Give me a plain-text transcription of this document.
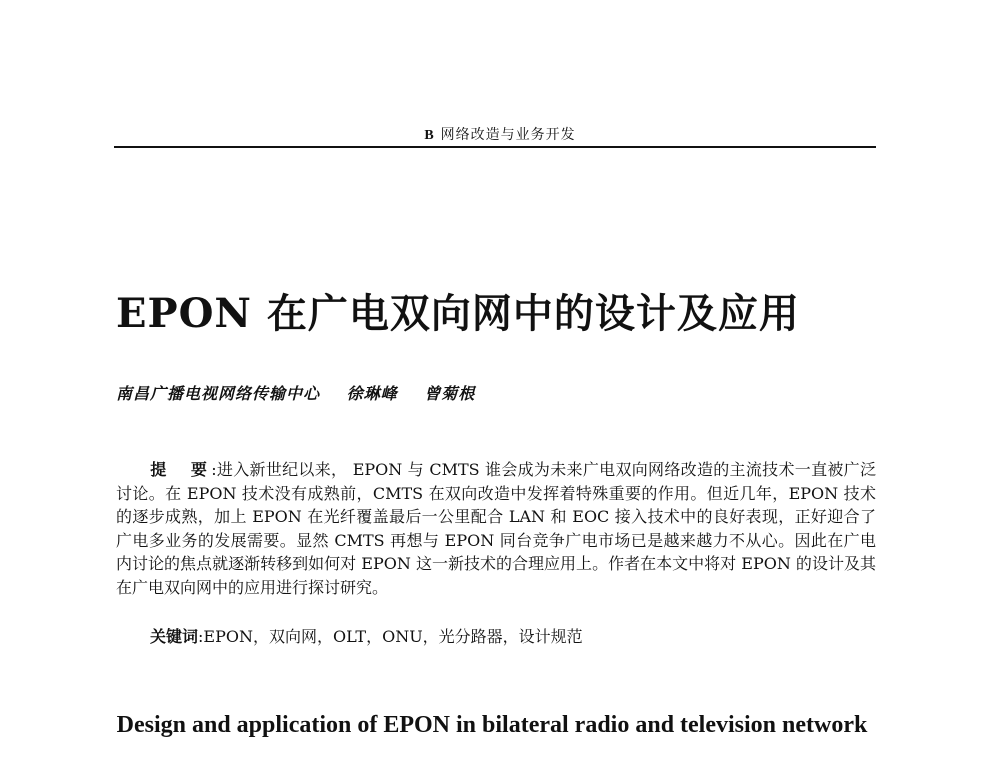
B 网络改造与业务开发
EPON 在广电双向网中的设计及应用
南昌广播电视网络传输中心 徐琳峰 曾菊根

提　要:进入新世纪以来， EPON 与 CMTS 谁会成为未来广电双向网络改造的主流技术一直被广泛讨论。在 EPON 技术没有成熟前，CMTS 在双向改造中发挥着特殊重要的作用。但近几年，EPON 技术的逐步成熟，加上 EPON 在光纤覆盖最后一公里配合 LAN 和 EOC 接入技术中的良好表现，正好迎合了广电多业务的发展需要。显然 CMTS 再想与 EPON 同台竞争广电市场已是越来越力不从心。因此在广电内讨论的焦点就逐渐转移到如何对 EPON 这一新技术的合理应用上。作者在本文中将对 EPON 的设计及其在广电双向网中的应用进行探讨研究。

关键词:EPON，双向网，OLT，ONU，光分路器，设计规范
Design and application of EPON in bilateral radio and television network
